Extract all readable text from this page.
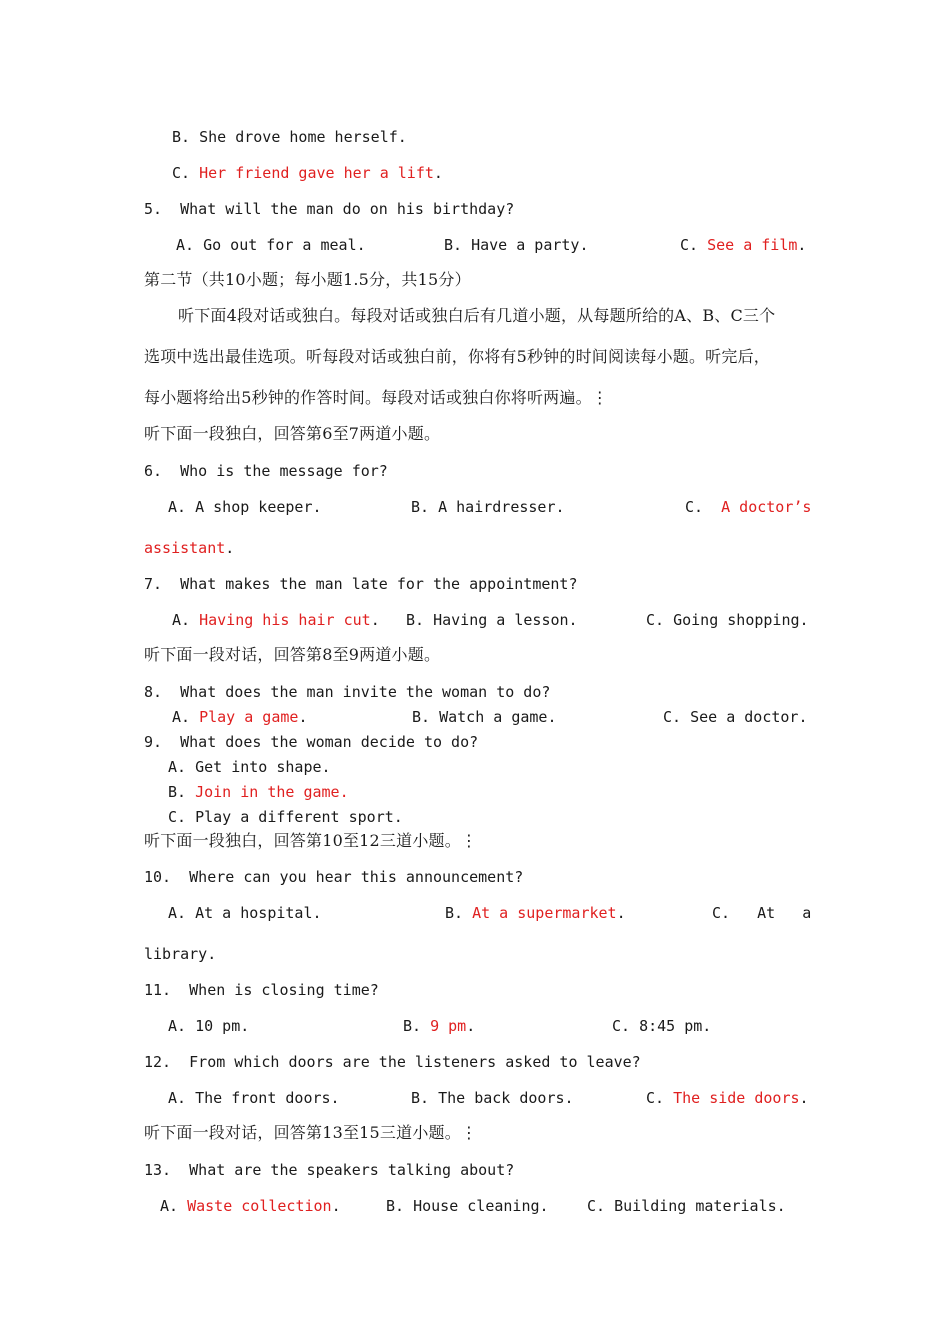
B. She drove home herself.
C. Her friend gave her a lift.
5.  What will the man do on his birthday?
A. Go out for a meal.	B. Have a party.	C. See a film.
第二节（共10小题；每小题1.5分，共15分）
听下面4段对话或独白。每段对话或独白后有几道小题，从每题所给的A、B、C三个
选项中选出最佳选项。听每段对话或独白前，你将有5秒钟的时间阅读每小题。听完后，
每小题将给出5秒钟的作答时间。每段对话或独白你将听两遍。⋮
听下面一段独白，回答第6至7两道小题。
6.  Who is the message for?
A. A shop keeper.	B. A hairdresser.	C. A doctor’s
assistant.
7.  What makes the man late for the appointment?
A. Having his hair cut. B. Having a lesson.	C. Going shopping.
听下面一段对话，回答第8至9两道小题。
8.  What does the man invite the woman to do?
A. Play a game.	B. Watch a game.	C. See a doctor.
9.  What does the woman decide to do?
A. Get into shape.
B. Join in the game.
C. Play a different sport.
听下面一段独白，回答第10至12三道小题。⋮
10.  Where can you hear this announcement?
A. At a hospital.	B. At a supermarket.	C. At   a
library.
11.  When is closing time?
A. 10 pm.	B. 9 pm.	C. 8:45 pm.
12.  From which doors are the listeners asked to leave?
A. The front doors.	B. The back doors.	C. The side doors.
听下面一段对话，回答第13至15三道小题。⋮
13.  What are the speakers talking about?
A. Waste collection.	B. House cleaning.	C. Building materials.
